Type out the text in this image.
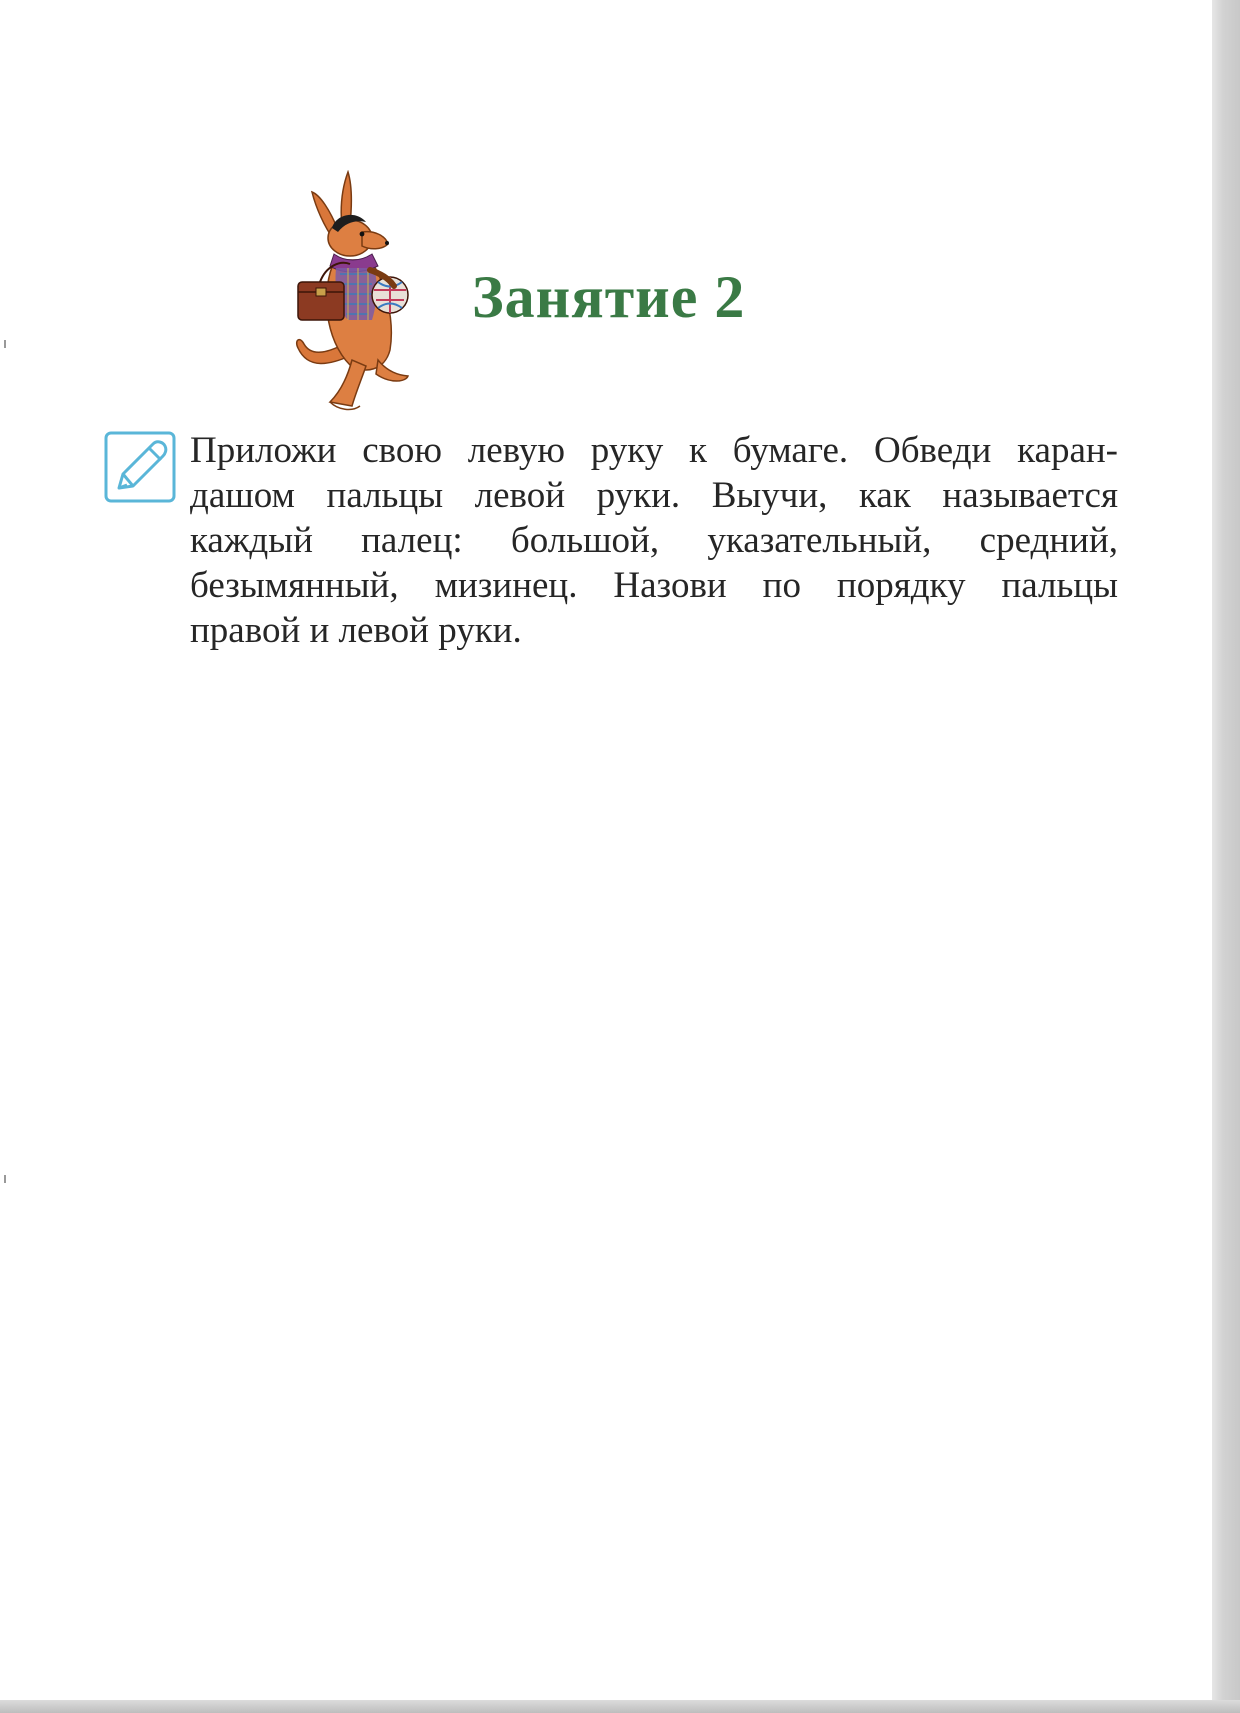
Занятие 2

Приложи свою левую руку к бумаге. Обведи каран-
дашом пальцы левой руки. Выучи, как называется
каждый палец: большой, указательный, средний,
безымянный, мизинец. Назови по порядку пальцы
правой и левой руки.
